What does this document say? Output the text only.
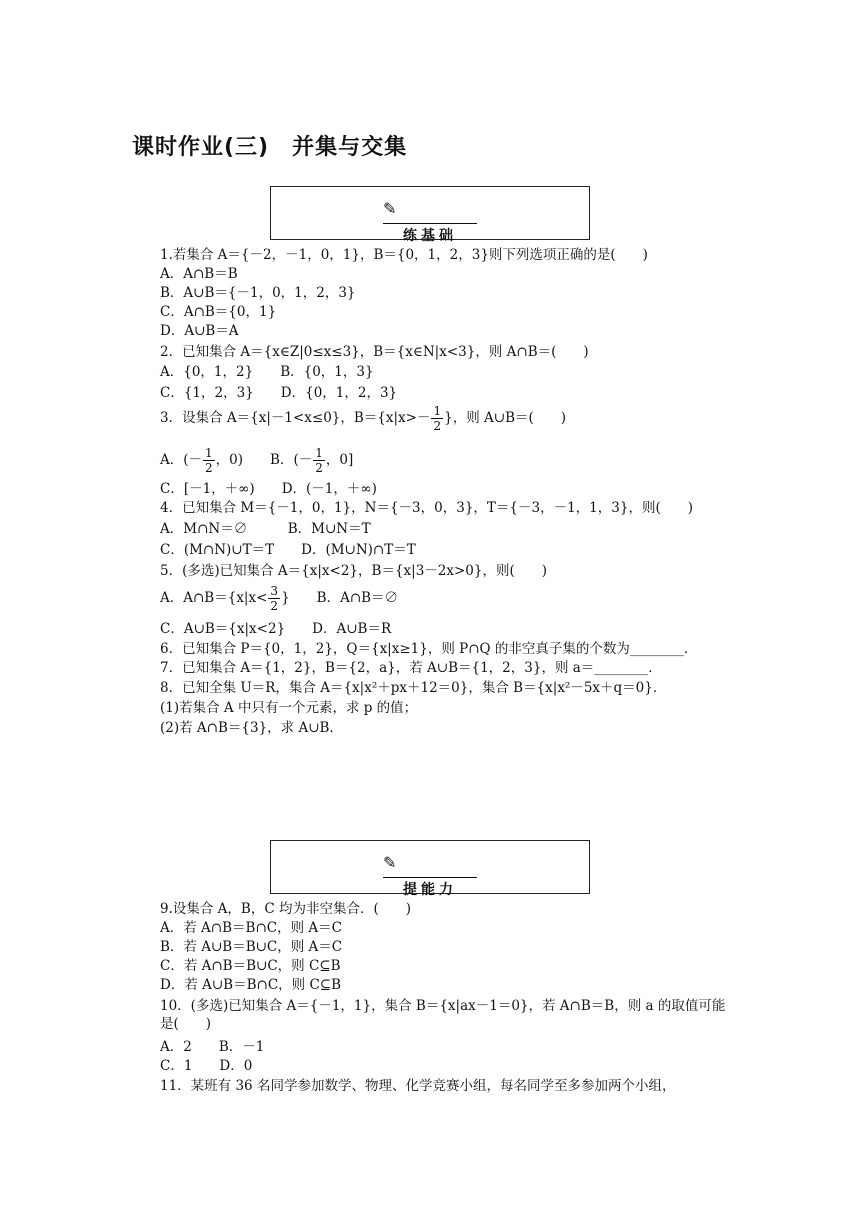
课时作业(三)　并集与交集
✎
练基础
1.若集合 A＝{－2，－1，0，1}，B＝{0，1，2，3}则下列选项正确的是(　　)
A．A∩B＝B
B．A∪B＝{－1，0，1，2，3}
C．A∩B＝{0，1}
D．A∪B＝A
2．已知集合 A＝{x∈Z|0≤x≤3}，B＝{x∈N|x<3}，则 A∩B＝(　　)
A．{0，1，2}　　B．{0，1，3}
C．{1，2，3}　　D．{0，1，2，3}
3．设集合 A＝{x|－1<x≤0}，$B=\{x|x>- \frac{1}{2}$ }，则 A∪B＝(　　)
A．(－ $\frac{1}{2}$ ，0)　　B．(－ $\frac{1}{2}$ ，0]
C．[－1，＋∞)　　D．(－1，＋∞)
4．已知集合 M＝{－1，0，1}，N＝{－3，0，3}，T＝{－3，－1，1，3}，则(　　)
A．M∩N＝∅　　　B．M∪N＝T
C．(M∩N)∪T＝T　　D．(M∪N)∩T＝T
5．(多选)已知集合 A＝{x|x<2}，B＝{x|3－2x>0}，则(　　)
A．A∩B＝{x|x< $\frac{3}{2}$ }　　B．A∩B＝∅
C．A∪B＝{x|x<2}　　D．A∪B＝R
6．已知集合 P＝{0，1，2}，Q＝{x|x≥1}，则 P∩Q 的非空真子集的个数为________．
7．已知集合 A＝{1，2}，B＝{2，a}，若 A∪B＝{1，2，3}，则 a＝________．
8．已知全集 U＝R，集合 A＝{x|x²＋px＋12＝0}，集合 B＝{x|x²－5x＋q＝0}．
(1)若集合 A 中只有一个元素，求 p 的值；
(2)若 A∩B＝{3}，求 A∪B.
✎
提能力
9.设集合 A，B，C 均为非空集合．(　　)
A．若 A∩B＝B∩C，则 A＝C
B．若 A∪B＝B∪C，则 A＝C
C．若 A∩B＝B∪C，则 C⊆B
D．若 A∪B＝B∩C，则 C⊆B
10．(多选)已知集合 A＝{－1，1}，集合 B＝{x|ax－1＝0}，若 A∩B＝B，则 a 的取值可能是(　　)
A．2　　B．－1
C．1　　D．0
11．某班有 36 名同学参加数学、物理、化学竞赛小组，每名同学至多参加两个小组，
